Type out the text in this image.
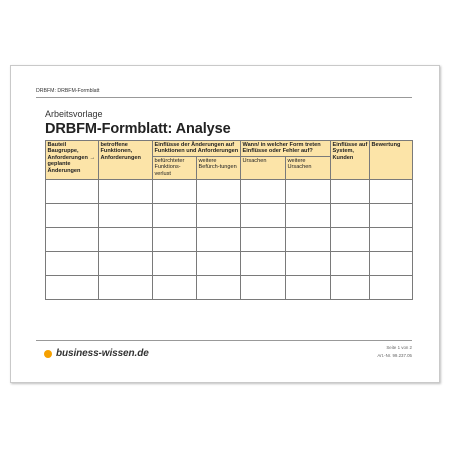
DRBFM: DRBFM-Formblatt
Arbeitsvorlage
DRBFM-Formblatt: Analyse
Bauteil Baugruppe, Anforderungen → geplante Änderungen	betroffene Funktionen, Anforderungen	Einflüsse der Änderungen auf Funktionen und Anforderungen		Wann/ in welcher Form treten Einflüsse oder Fehler auf?		Einflüsse auf System, Kunden	Bewertung
		befürchteter Funktions-verlust	weitere Befürch-tungen	Ursachen	weitere Ursachen		

business-wissen.de
Seite 1 von 2
Art.-Nr. 99.237.05
